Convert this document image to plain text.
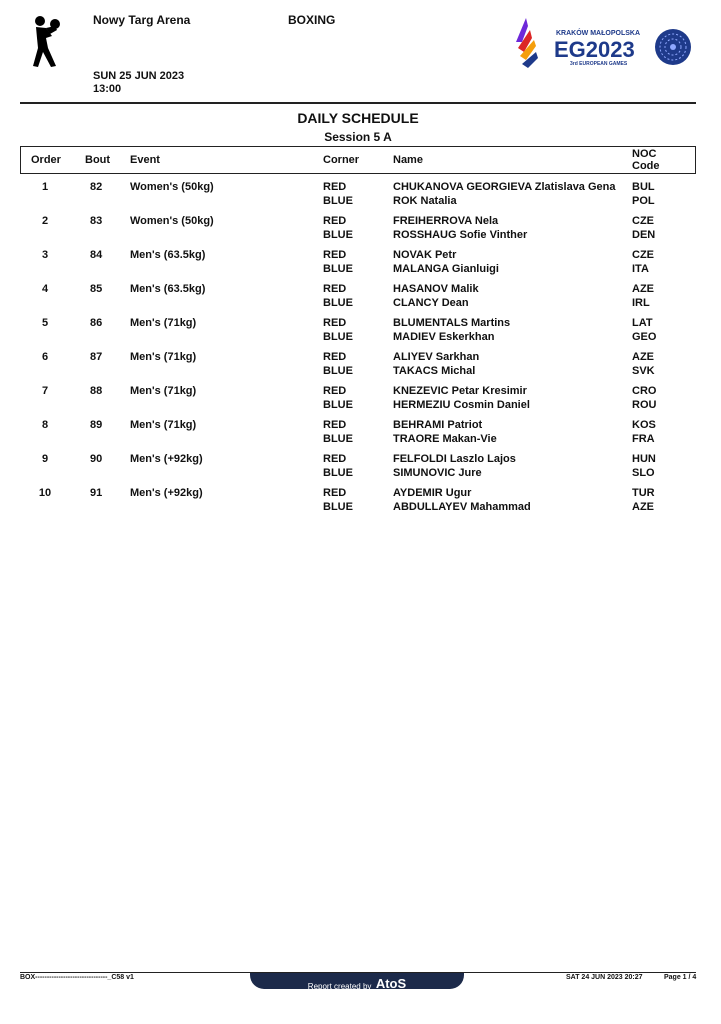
Nowy Targ Arena	BOXING
SUN 25 JUN 2023
13:00
KRAKÓW MAŁOPOLSKA
EG2023
3rd EUROPEAN GAMES
DAILY SCHEDULE
Session 5 A
Order Bout Event	Corner	Name	NOC
Code
1	82	Women's (50kg)	RED	CHUKANOVA GEORGIEVA Zlatislava Gena BUL
BLUE	ROK Natalia	POL
2	83	Women's (50kg)	RED	FREIHERROVA Nela	CZE
BLUE	ROSSHAUG Sofie Vinther	DEN
3	84	Men's (63.5kg)	RED	NOVAK Petr	CZE
BLUE	MALANGA Gianluigi	ITA
4	85	Men's (63.5kg)	RED	HASANOV Malik	AZE
BLUE	CLANCY Dean	IRL
5	86	Men's (71kg)	RED	BLUMENTALS Martins	LAT
BLUE	MADIEV Eskerkhan	GEO
6	87	Men's (71kg)	RED	ALIYEV Sarkhan	AZE
BLUE	TAKACS Michal	SVK
7	88	Men's (71kg)	RED	KNEZEVIC Petar Kresimir	CRO
BLUE	HERMEZIU Cosmin Daniel	ROU
8	89	Men's (71kg)	RED	BEHRAMI Patriot	KOS
BLUE	TRAORE Makan-Vie	FRA
9	90	Men's (+92kg)	RED	FELFOLDI Laszlo Lajos	HUN
BLUE	SIMUNOVIC Jure	SLO
10	91	Men's (+92kg)	RED	AYDEMIR Ugur	TUR
BLUE	ABDULLAYEV Mahammad	AZE
BOX-------------------------------_C58 v1
Report created by AtoS	SAT 24 JUN 2023 20:27	Page 1 / 4
